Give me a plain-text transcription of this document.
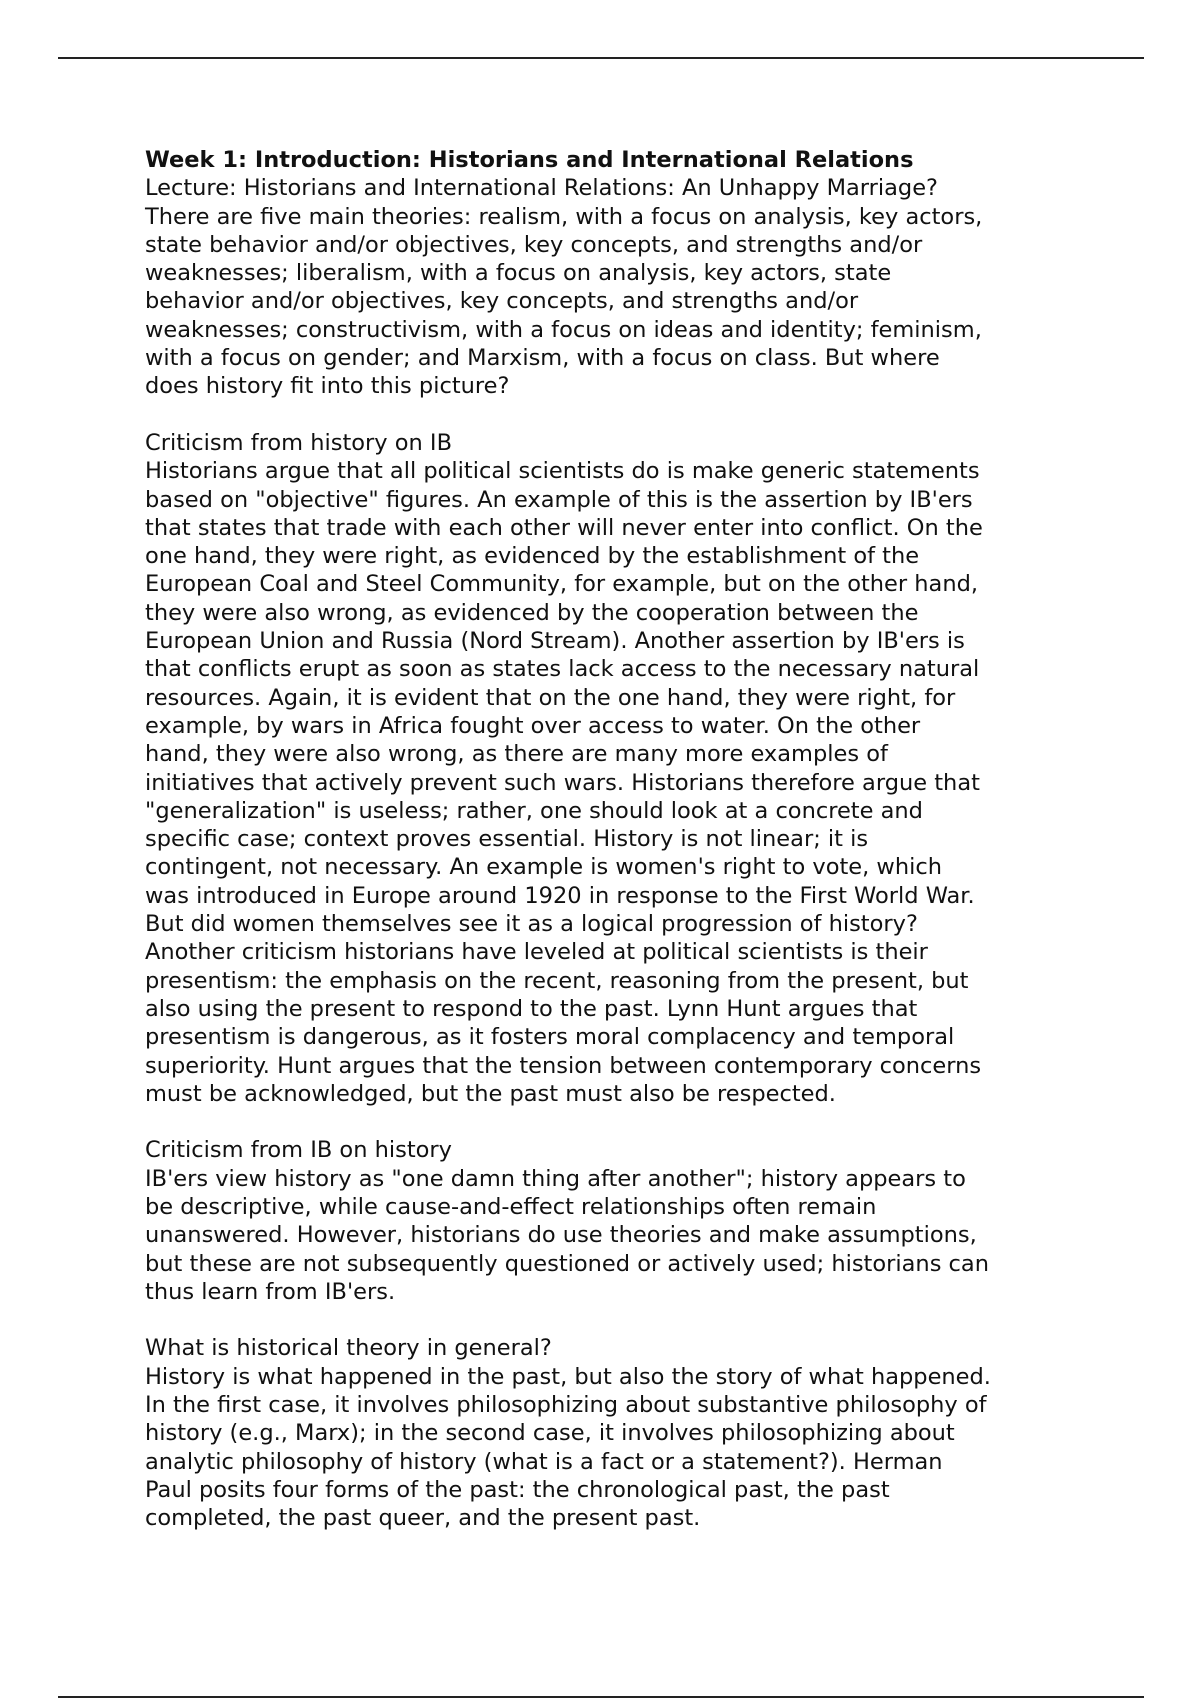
Week 1: Introduction: Historians and International Relations

Lecture: Historians and International Relations: An Unhappy Marriage?

There are five main theories: realism, with a focus on analysis, key actors,
state behavior and/or objectives, key concepts, and strengths and/or
weaknesses; liberalism, with a focus on analysis, key actors, state
behavior and/or objectives, key concepts, and strengths and/or
weaknesses; constructivism, with a focus on ideas and identity; feminism,
with a focus on gender; and Marxism, with a focus on class. But where
does history fit into this picture?

Criticism from history on IB

Historians argue that all political scientists do is make generic statements
based on "objective" figures. An example of this is the assertion by IB'ers
that states that trade with each other will never enter into conflict. On the
one hand, they were right, as evidenced by the establishment of the
European Coal and Steel Community, for example, but on the other hand,
they were also wrong, as evidenced by the cooperation between the
European Union and Russia (Nord Stream). Another assertion by IB'ers is
that conflicts erupt as soon as states lack access to the necessary natural
resources. Again, it is evident that on the one hand, they were right, for
example, by wars in Africa fought over access to water. On the other
hand, they were also wrong, as there are many more examples of
initiatives that actively prevent such wars. Historians therefore argue that
"generalization" is useless; rather, one should look at a concrete and
specific case; context proves essential. History is not linear; it is
contingent, not necessary. An example is women's right to vote, which
was introduced in Europe around 1920 in response to the First World War.
But did women themselves see it as a logical progression of history?
Another criticism historians have leveled at political scientists is their
presentism: the emphasis on the recent, reasoning from the present, but
also using the present to respond to the past. Lynn Hunt argues that
presentism is dangerous, as it fosters moral complacency and temporal
superiority. Hunt argues that the tension between contemporary concerns
must be acknowledged, but the past must also be respected.

Criticism from IB on history

IB'ers view history as "one damn thing after another"; history appears to
be descriptive, while cause-and-effect relationships often remain
unanswered. However, historians do use theories and make assumptions,
but these are not subsequently questioned or actively used; historians can
thus learn from IB'ers.

What is historical theory in general?

History is what happened in the past, but also the story of what happened.
In the first case, it involves philosophizing about substantive philosophy of
history (e.g., Marx); in the second case, it involves philosophizing about
analytic philosophy of history (what is a fact or a statement?). Herman
Paul posits four forms of the past: the chronological past, the past
completed, the past queer, and the present past.
